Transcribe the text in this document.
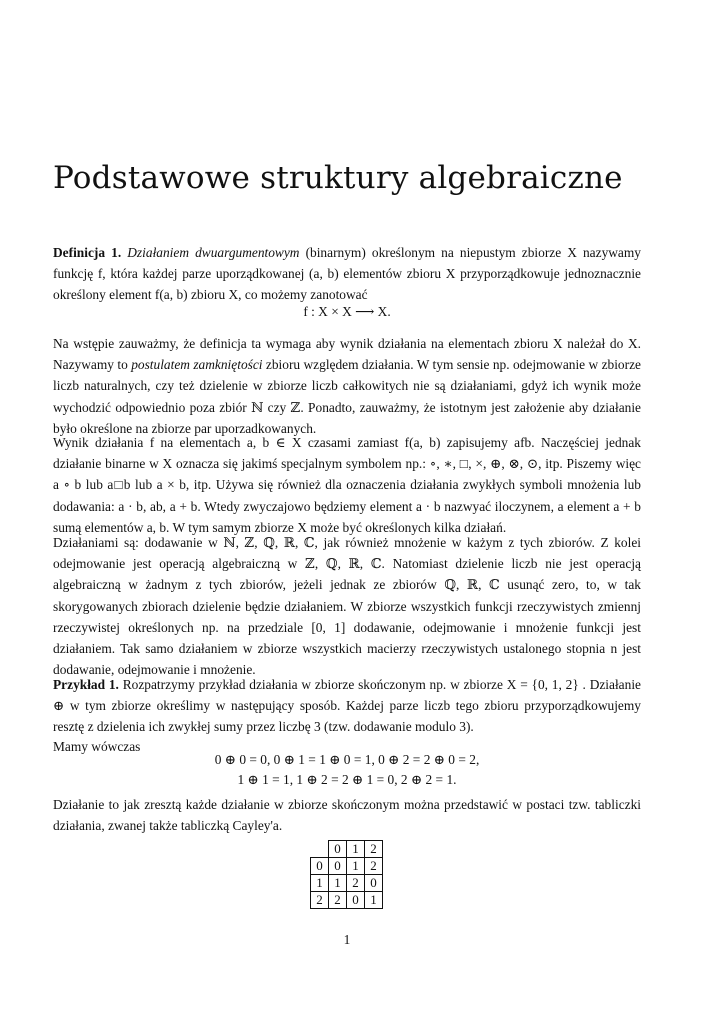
Podstawowe struktury algebraiczne

Definicja 1. Działaniem dwuargumentowym (binarnym) określonym na niepustym zbiorze X nazywamy funkcję f, która każdej parze uporządkowanej (a, b) elementów zbioru X przyporządkowuje jednoznacznie określony element f(a, b) zbioru X, co możemy zanotować

f : X × X ⟶ X.

Na wstępie zauważmy, że definicja ta wymaga aby wynik działania na elementach zbioru X należał do X. Nazywamy to postulatem zamkniętości zbioru względem działania. W tym sensie np. odejmowanie w zbiorze liczb naturalnych, czy też dzielenie w zbiorze liczb całkowitych nie są działaniami, gdyż ich wynik może wychodzić odpowiednio poza zbiór ℕ czy ℤ. Ponadto, zauważmy, że istotnym jest założenie aby działanie było określone na zbiorze par uporzadkowanych.

Wynik działania f na elementach a, b ∈ X czasami zamiast f(a, b) zapisujemy afb. Naczęściej jednak działanie binarne w X oznacza się jakimś specjalnym symbolem np.: ∘, ∗, □, ×, ⊕, ⊗, ⊙, itp. Piszemy więc a ∘ b lub a□b lub a × b, itp. Używa się również dla oznaczenia działania zwykłych symboli mnożenia lub dodawania: a · b, ab, a + b. Wtedy zwyczajowo będziemy element a · b nazwyać iloczynem, a element a + b sumą elementów a, b. W tym samym zbiorze X może być określonych kilka działań.

Działaniami są: dodawanie w ℕ, ℤ, ℚ, ℝ, ℂ, jak również mnożenie w każym z tych zbiorów. Z kolei odejmowanie jest operacją algebraiczną w ℤ, ℚ, ℝ, ℂ. Natomiast dzielenie liczb nie jest operacją algebraiczną w żadnym z tych zbiorów, jeżeli jednak ze zbiorów ℚ, ℝ, ℂ usunąć zero, to, w tak skorygowanych zbiorach dzielenie będzie działaniem. W zbiorze wszystkich funkcji rzeczywistych zmiennj rzeczywistej określonych np. na przedziale [0, 1] dodawanie, odejmowanie i mnożenie funkcji jest działaniem. Tak samo działaniem w zbiorze wszystkich macierzy rzeczywistych ustalonego stopnia n jest dodawanie, odejmowanie i mnożenie.

Przykład 1. Rozpatrzymy przykład działania w zbiorze skończonym np. w zbiorze X = {0, 1, 2} . Działanie ⊕ w tym zbiorze określimy w następujący sposób. Każdej parze liczb tego zbioru przyporządkowujemy resztę z dzielenia ich zwykłej sumy przez liczbę 3 (tzw. dodawanie modulo 3).

Mamy wówczas

0 ⊕ 0 = 0, 0 ⊕ 1 = 1 ⊕ 0 = 1, 0 ⊕ 2 = 2 ⊕ 0 = 2,
1 ⊕ 1 = 1, 1 ⊕ 2 = 2 ⊕ 1 = 0, 2 ⊕ 2 = 1.

Działanie to jak zresztą każde działanie w zbiorze skończonym można przedstawić w postaci tzw. tabliczki działania, zwanej także tabliczką Cayley'a.

	0	1	2
0	0	1	2
1	1	2	0
2	2	0	1
1
